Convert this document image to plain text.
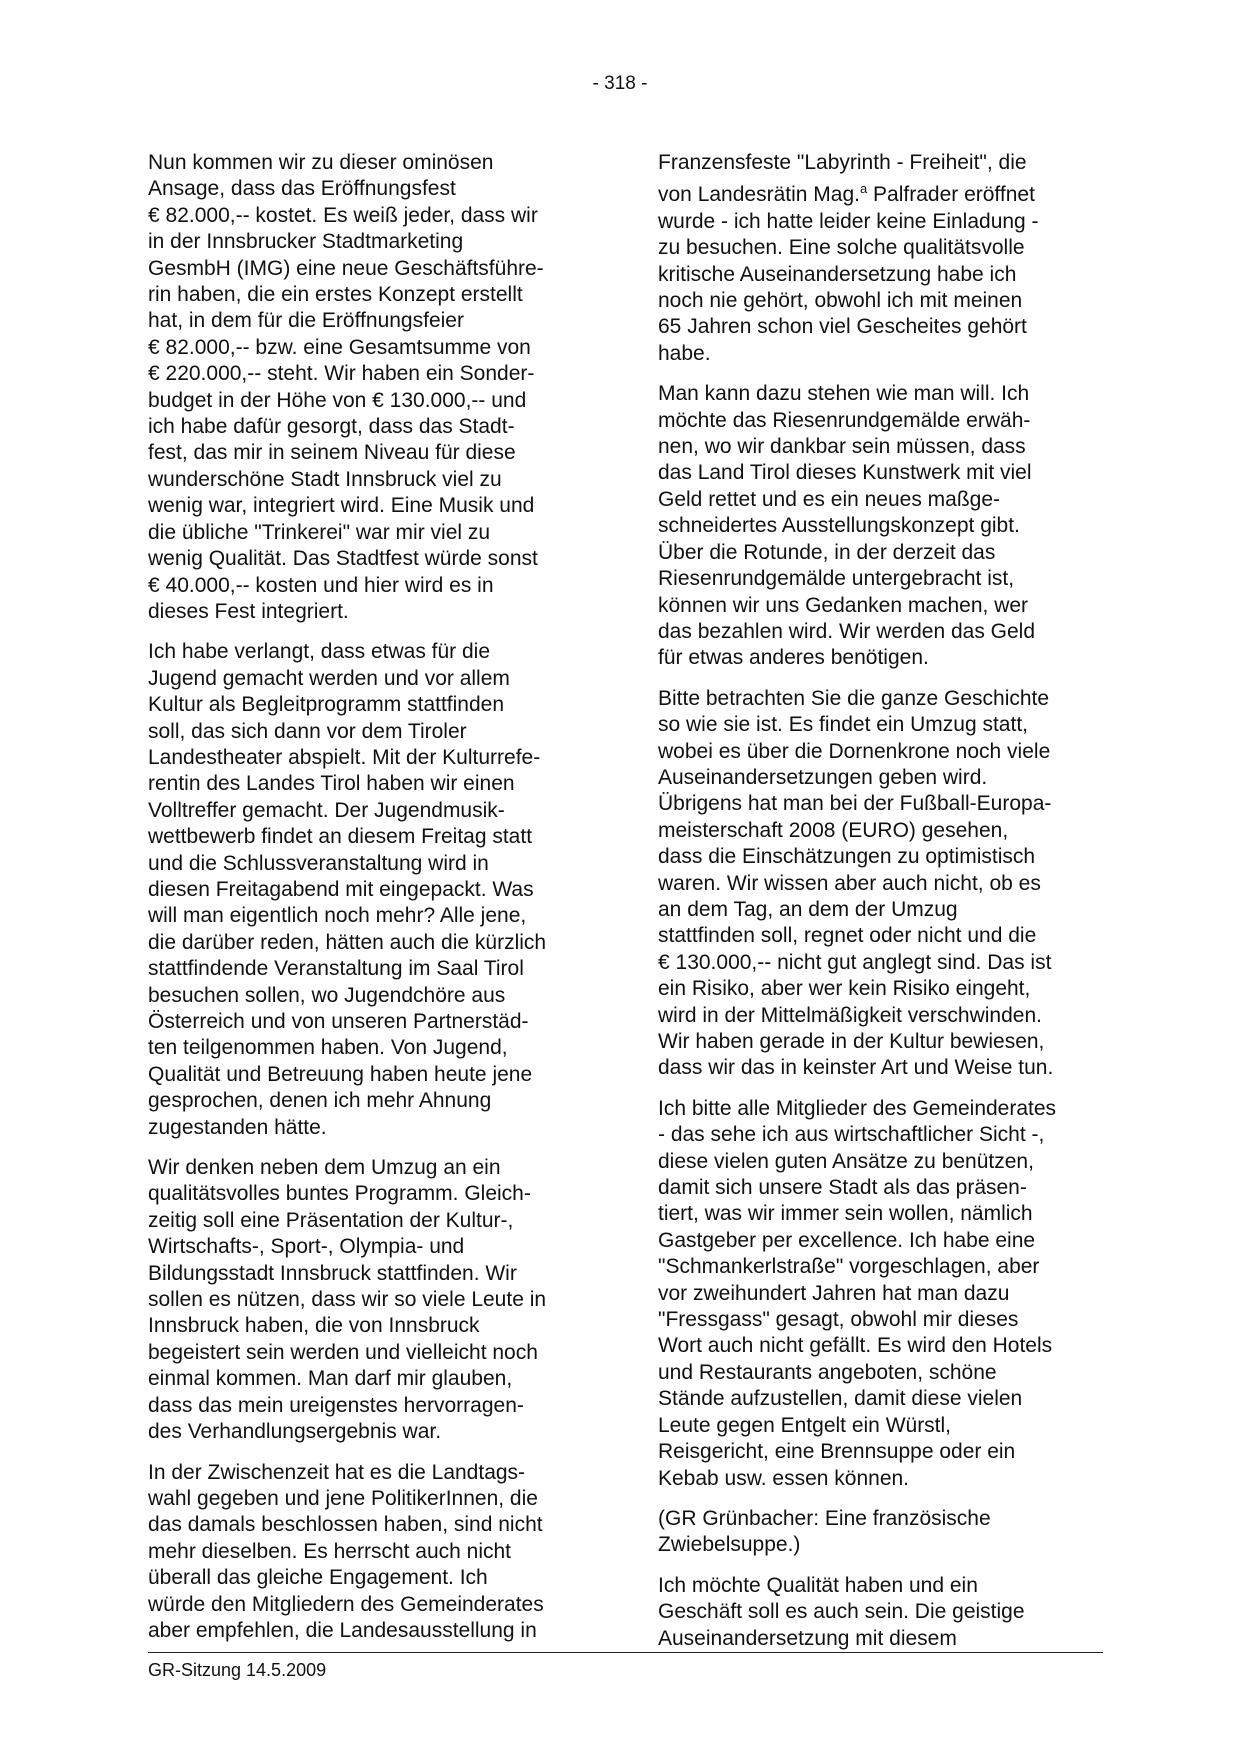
- 318 -

Nun kommen wir zu dieser ominösen
Ansage, dass das Eröffnungsfest
€ 82.000,-- kostet. Es weiß jeder, dass wir
in der Innsbrucker Stadtmarketing
GesmbH (IMG) eine neue Geschäftsführe-
rin haben, die ein erstes Konzept erstellt
hat, in dem für die Eröffnungsfeier
€ 82.000,-- bzw. eine Gesamtsumme von
€ 220.000,-- steht. Wir haben ein Sonder-
budget in der Höhe von € 130.000,-- und
ich habe dafür gesorgt, dass das Stadt-
fest, das mir in seinem Niveau für diese
wunderschöne Stadt Innsbruck viel zu
wenig war, integriert wird. Eine Musik und
die übliche "Trinkerei" war mir viel zu
wenig Qualität. Das Stadtfest würde sonst
€ 40.000,-- kosten und hier wird es in
dieses Fest integriert.

Ich habe verlangt, dass etwas für die
Jugend gemacht werden und vor allem
Kultur als Begleitprogramm stattfinden
soll, das sich dann vor dem Tiroler
Landestheater abspielt. Mit der Kulturrefe-
rentin des Landes Tirol haben wir einen
Volltreffer gemacht. Der Jugendmusik-
wettbewerb findet an diesem Freitag statt
und die Schlussveranstaltung wird in
diesen Freitagabend mit eingepackt. Was
will man eigentlich noch mehr? Alle jene,
die darüber reden, hätten auch die kürzlich
stattfindende Veranstaltung im Saal Tirol
besuchen sollen, wo Jugendchöre aus
Österreich und von unseren Partnerstäd-
ten teilgenommen haben. Von Jugend,
Qualität und Betreuung haben heute jene
gesprochen, denen ich mehr Ahnung
zugestanden hätte.

Wir denken neben dem Umzug an ein
qualitätsvolles buntes Programm. Gleich-
zeitig soll eine Präsentation der Kultur-,
Wirtschafts-, Sport-, Olympia- und
Bildungsstadt Innsbruck stattfinden. Wir
sollen es nützen, dass wir so viele Leute in
Innsbruck haben, die von Innsbruck
begeistert sein werden und vielleicht noch
einmal kommen. Man darf mir glauben,
dass das mein ureigenstes hervorragen-
des Verhandlungsergebnis war.

In der Zwischenzeit hat es die Landtags-
wahl gegeben und jene PolitikerInnen, die
das damals beschlossen haben, sind nicht
mehr dieselben. Es herrscht auch nicht
überall das gleiche Engagement. Ich
würde den Mitgliedern des Gemeinderates
aber empfehlen, die Landesausstellung in

Franzensfeste "Labyrinth - Freiheit", die
von Landesrätin Mag.$^a$ Palfrader eröffnet
wurde - ich hatte leider keine Einladung -
zu besuchen. Eine solche qualitätsvolle
kritische Auseinandersetzung habe ich
noch nie gehört, obwohl ich mit meinen
65 Jahren schon viel Gescheites gehört
habe.

Man kann dazu stehen wie man will. Ich
möchte das Riesenrundgemälde erwäh-
nen, wo wir dankbar sein müssen, dass
das Land Tirol dieses Kunstwerk mit viel
Geld rettet und es ein neues maßge-
schneidertes Ausstellungskonzept gibt.
Über die Rotunde, in der derzeit das
Riesenrundgemälde untergebracht ist,
können wir uns Gedanken machen, wer
das bezahlen wird. Wir werden das Geld
für etwas anderes benötigen.

Bitte betrachten Sie die ganze Geschichte
so wie sie ist. Es findet ein Umzug statt,
wobei es über die Dornenkrone noch viele
Auseinandersetzungen geben wird.
Übrigens hat man bei der Fußball-Europa-
meisterschaft 2008 (EURO) gesehen,
dass die Einschätzungen zu optimistisch
waren. Wir wissen aber auch nicht, ob es
an dem Tag, an dem der Umzug
stattfinden soll, regnet oder nicht und die
€ 130.000,-- nicht gut anglegt sind. Das ist
ein Risiko, aber wer kein Risiko eingeht,
wird in der Mittelmäßigkeit verschwinden.
Wir haben gerade in der Kultur bewiesen,
dass wir das in keinster Art und Weise tun.

Ich bitte alle Mitglieder des Gemeinderates
- das sehe ich aus wirtschaftlicher Sicht -,
diese vielen guten Ansätze zu benützen,
damit sich unsere Stadt als das präsen-
tiert, was wir immer sein wollen, nämlich
Gastgeber per excellence. Ich habe eine
"Schmankerlstraße" vorgeschlagen, aber
vor zweihundert Jahren hat man dazu
"Fressgass" gesagt, obwohl mir dieses
Wort auch nicht gefällt. Es wird den Hotels
und Restaurants angeboten, schöne
Stände aufzustellen, damit diese vielen
Leute gegen Entgelt ein Würstl,
Reisgericht, eine Brennsuppe oder ein
Kebab usw. essen können.

(GR Grünbacher: Eine französische
Zwiebelsuppe.)

Ich möchte Qualität haben und ein
Geschäft soll es auch sein. Die geistige
Auseinandersetzung mit diesem

GR-Sitzung 14.5.2009
